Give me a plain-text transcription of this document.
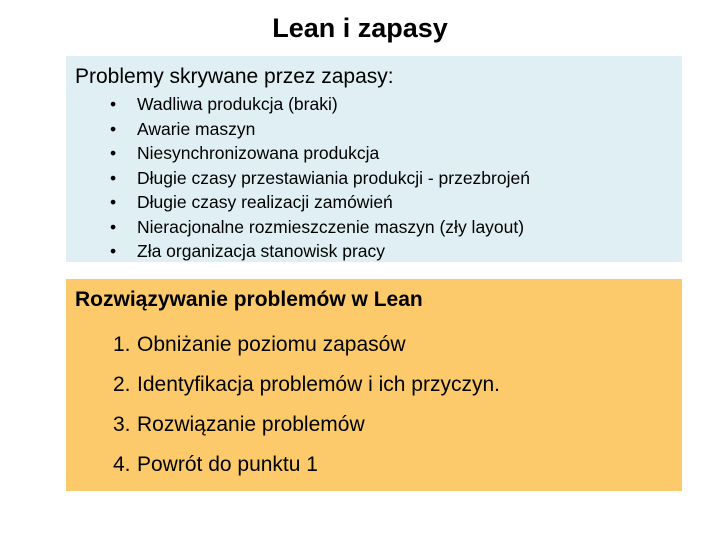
Lean i zapasy
Problemy skrywane przez zapasy:
• Wadliwa produkcja (braki)
• Awarie maszyn
• Niesynchronizowana produkcja
• Długie czasy przestawiania produkcji - przezbrojeń
• Długie czasy realizacji zamówień
• Nieracjonalne rozmieszczenie maszyn (zły layout)
• Zła organizacja stanowisk pracy
Rozwiązywanie problemów w Lean
1. Obniżanie poziomu zapasów
2. Identyfikacja problemów i ich przyczyn.
3. Rozwiązanie problemów
4. Powrót do punktu 1
